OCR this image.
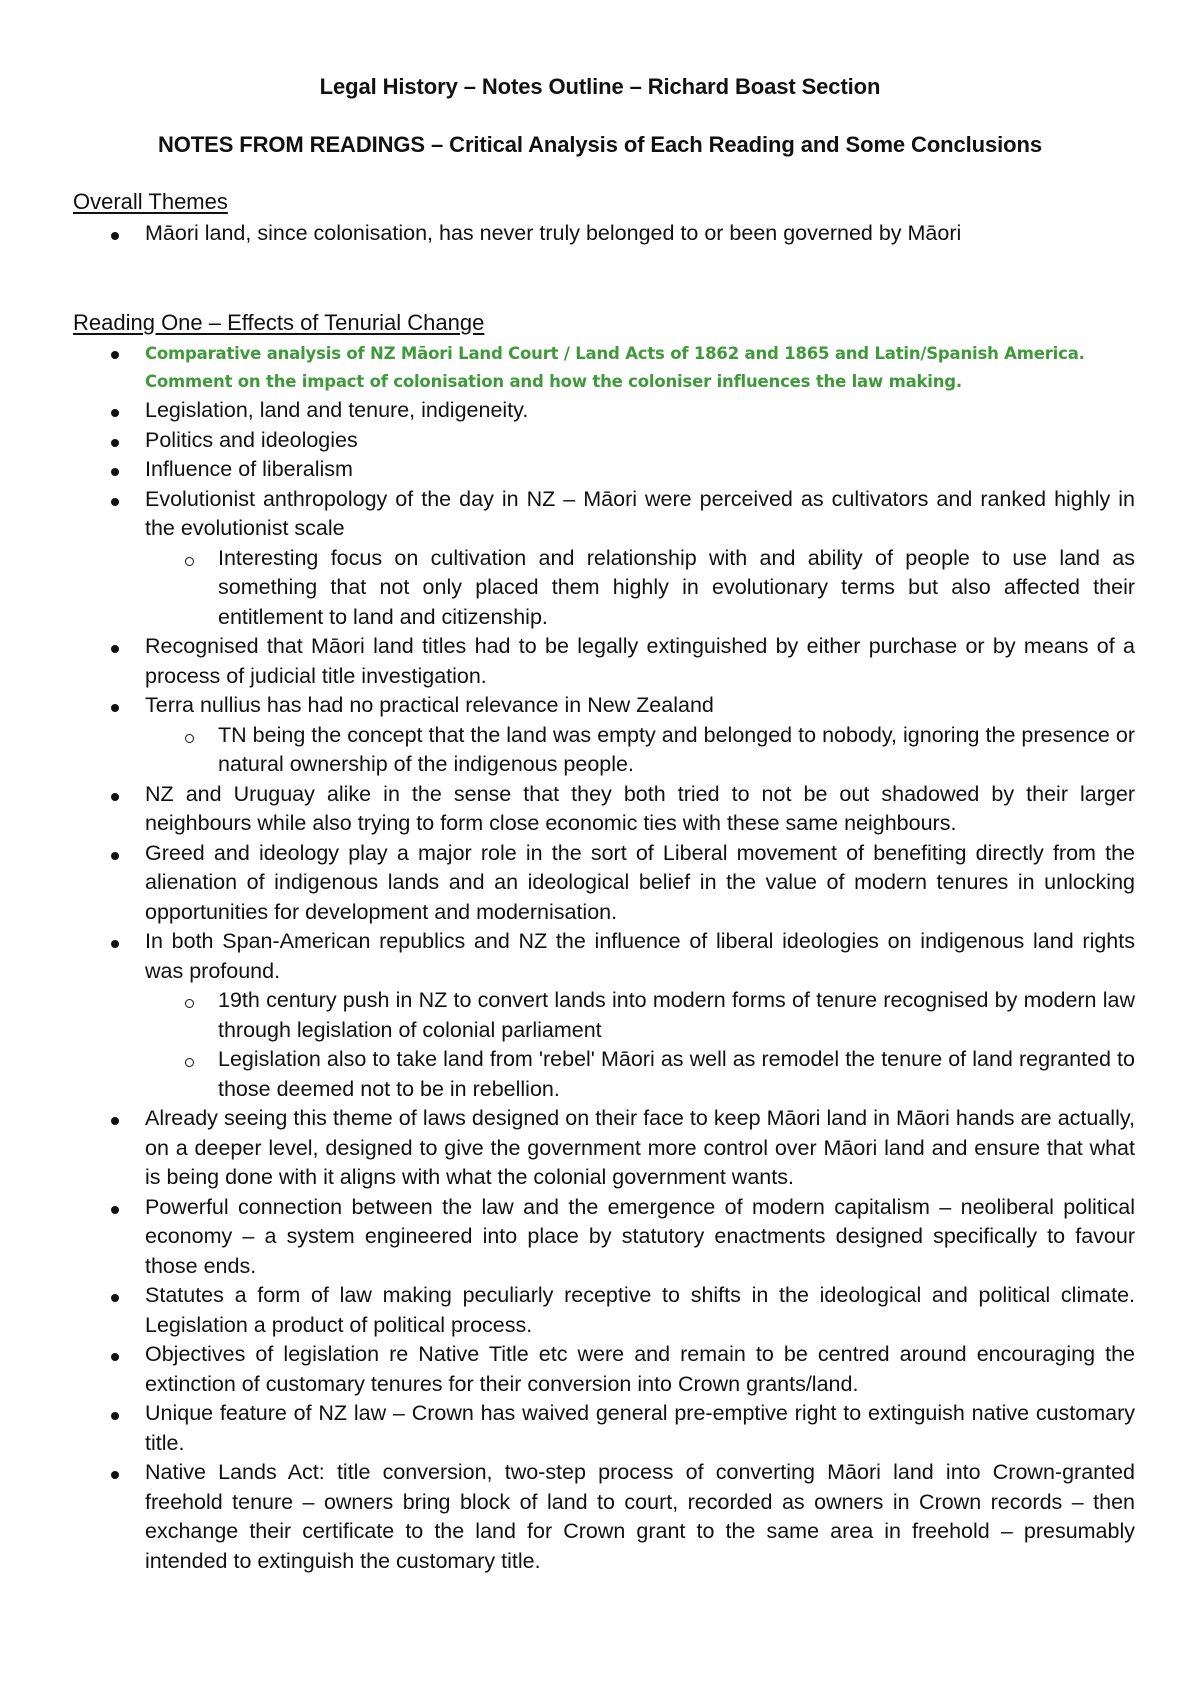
Legal History – Notes Outline – Richard Boast Section
NOTES FROM READINGS – Critical Analysis of Each Reading and Some Conclusions
Overall Themes
Māori land, since colonisation, has never truly belonged to or been governed by Māori
Reading One – Effects of Tenurial Change
Comparative analysis of NZ Māori Land Court / Land Acts of 1862 and 1865 and Latin/Spanish America. Comment on the impact of colonisation and how the coloniser influences the law making.
Legislation, land and tenure, indigeneity.
Politics and ideologies
Influence of liberalism
Evolutionist anthropology of the day in NZ – Māori were perceived as cultivators and ranked highly in the evolutionist scale
Interesting focus on cultivation and relationship with and ability of people to use land as something that not only placed them highly in evolutionary terms but also affected their entitlement to land and citizenship.
Recognised that Māori land titles had to be legally extinguished by either purchase or by means of a process of judicial title investigation.
Terra nullius has had no practical relevance in New Zealand
TN being the concept that the land was empty and belonged to nobody, ignoring the presence or natural ownership of the indigenous people.
NZ and Uruguay alike in the sense that they both tried to not be out shadowed by their larger neighbours while also trying to form close economic ties with these same neighbours.
Greed and ideology play a major role in the sort of Liberal movement of benefiting directly from the alienation of indigenous lands and an ideological belief in the value of modern tenures in unlocking opportunities for development and modernisation.
In both Span-American republics and NZ the influence of liberal ideologies on indigenous land rights was profound.
19th century push in NZ to convert lands into modern forms of tenure recognised by modern law through legislation of colonial parliament
Legislation also to take land from 'rebel' Māori as well as remodel the tenure of land regranted to those deemed not to be in rebellion.
Already seeing this theme of laws designed on their face to keep Māori land in Māori hands are actually, on a deeper level, designed to give the government more control over Māori land and ensure that what is being done with it aligns with what the colonial government wants.
Powerful connection between the law and the emergence of modern capitalism – neoliberal political economy – a system engineered into place by statutory enactments designed specifically to favour those ends.
Statutes a form of law making peculiarly receptive to shifts in the ideological and political climate. Legislation a product of political process.
Objectives of legislation re Native Title etc were and remain to be centred around encouraging the extinction of customary tenures for their conversion into Crown grants/land.
Unique feature of NZ law – Crown has waived general pre-emptive right to extinguish native customary title.
Native Lands Act: title conversion, two-step process of converting Māori land into Crown-granted freehold tenure – owners bring block of land to court, recorded as owners in Crown records – then exchange their certificate to the land for Crown grant to the same area in freehold – presumably intended to extinguish the customary title.
